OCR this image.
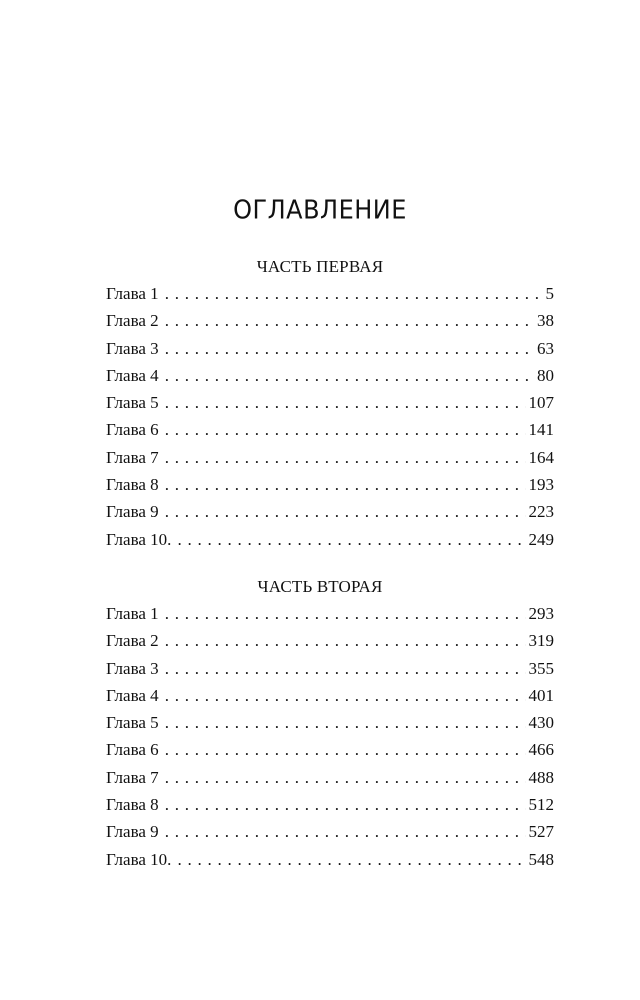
ОГЛАВЛЕНИЕ
ЧАСТЬ ПЕРВАЯ
Глава 1 . . .	5
Глава 2 . . .	38
Глава 3 . . .	63
Глава 4 . . .	80
Глава 5 . . .	107
Глава 6 . . .	141
Глава 7 . . .	164
Глава 8 . . .	193
Глава 9 . . .	223
Глава 10. . . .	249
ЧАСТЬ ВТОРАЯ
Глава 1 . . .	293
Глава 2 . . .	319
Глава 3 . . .	355
Глава 4 . . .	401
Глава 5 . . .	430
Глава 6 . . .	466
Глава 7 . . .	488
Глава 8 . . .	512
Глава 9 . . .	527
Глава 10. . . .	548
